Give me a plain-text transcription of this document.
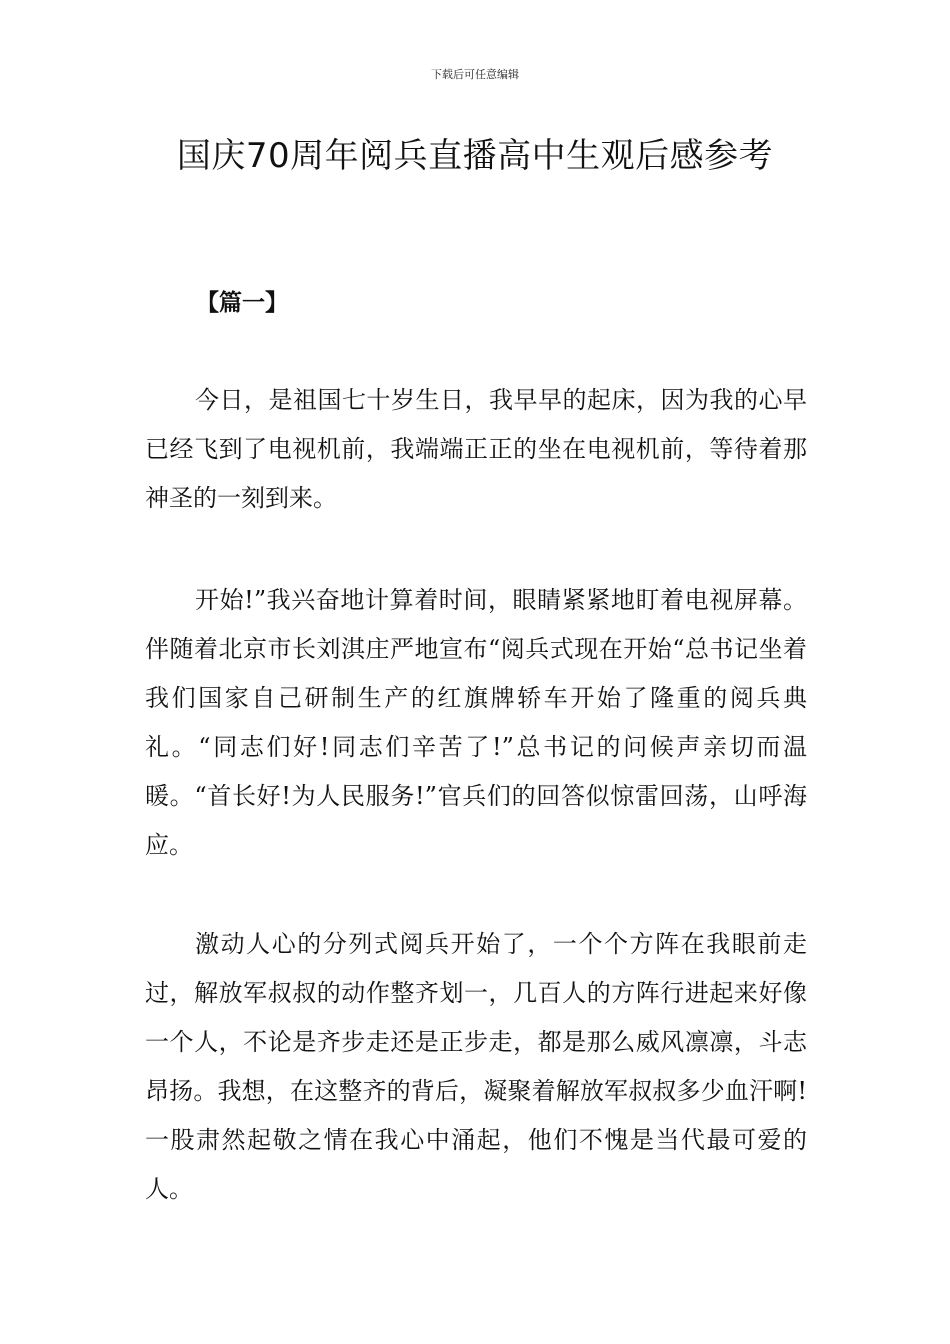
下载后可任意编辑
国庆70周年阅兵直播高中生观后感参考
【篇一】

今日，是祖国七十岁生日，我早早的起床，因为我的心早已经飞到了电视机前，我端端正正的坐在电视机前，等待着那神圣的一刻到来。

开始!”我兴奋地计算着时间，眼睛紧紧地盯着电视屏幕。伴随着北京市长刘淇庄严地宣布“阅兵式现在开始“总书记坐着我们国家自己研制生产的红旗牌轿车开始了隆重的阅兵典礼。“同志们好!同志们辛苦了!”总书记的问候声亲切而温暖。“首长好!为人民服务!”官兵们的回答似惊雷回荡，山呼海应。

激动人心的分列式阅兵开始了，一个个方阵在我眼前走过，解放军叔叔的动作整齐划一，几百人的方阵行进起来好像一个人，不论是齐步走还是正步走，都是那么威风凛凛，斗志昂扬。我想，在这整齐的背后，凝聚着解放军叔叔多少血汗啊!一股肃然起敬之情在我心中涌起，他们不愧是当代最可爱的人。
